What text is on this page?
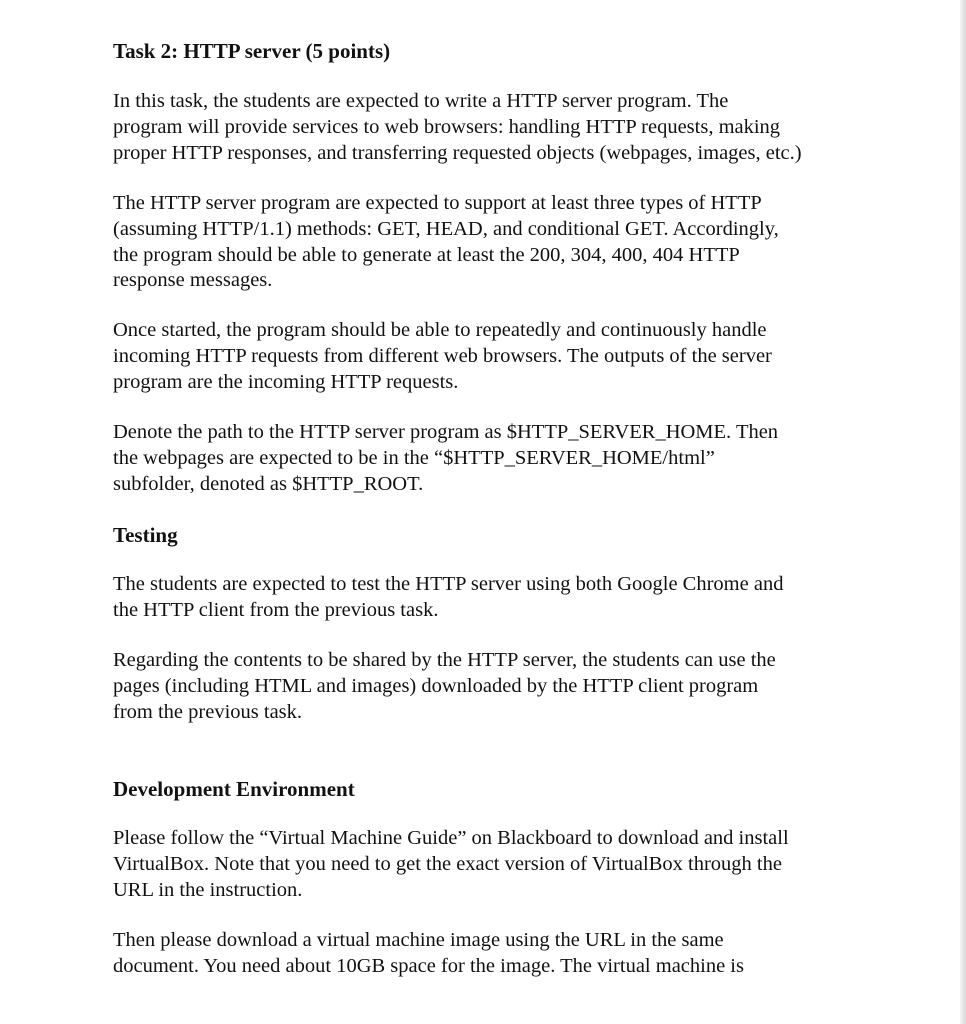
Task 2: HTTP server (5 points)
In this task, the students are expected to write a HTTP server program. The
program will provide services to web browsers: handling HTTP requests, making
proper HTTP responses, and transferring requested objects (webpages, images, etc.)
The HTTP server program are expected to support at least three types of HTTP
(assuming HTTP/1.1) methods: GET, HEAD, and conditional GET. Accordingly,
the program should be able to generate at least the 200, 304, 400, 404 HTTP
response messages.
Once started, the program should be able to repeatedly and continuously handle
incoming HTTP requests from different web browsers. The outputs of the server
program are the incoming HTTP requests.
Denote the path to the HTTP server program as $HTTP_SERVER_HOME. Then
the webpages are expected to be in the “$HTTP_SERVER_HOME/html”
subfolder, denoted as $HTTP_ROOT.
Testing
The students are expected to test the HTTP server using both Google Chrome and
the HTTP client from the previous task.
Regarding the contents to be shared by the HTTP server, the students can use the
pages (including HTML and images) downloaded by the HTTP client program
from the previous task.
Development Environment
Please follow the “Virtual Machine Guide” on Blackboard to download and install
VirtualBox. Note that you need to get the exact version of VirtualBox through the
URL in the instruction.
Then please download a virtual machine image using the URL in the same
document. You need about 10GB space for the image. The virtual machine is
